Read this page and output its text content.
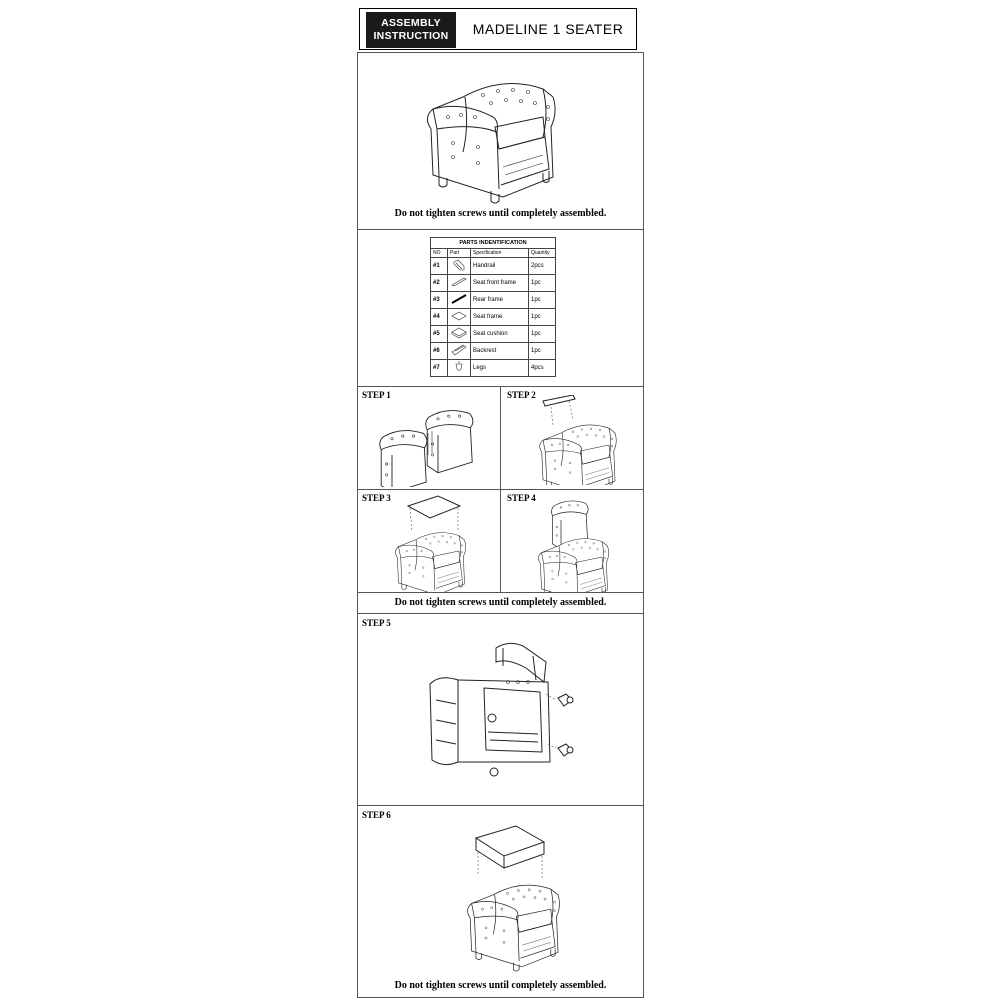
ASSEMBLY
INSTRUCTION	MADELINE 1 SEATER
Do not tighten screws until completely assembled.
PARTS INDENTIFICATION
NO	Part	Specification	Quantity
#1		Handrail	2pcs
#2		Seat front frame	1pc
#3		Rear frame	1pc
#4		Seat frame	1pc
#5		Seat cushion	1pc
#6		Backrest	1pc
#7		Legs	4pcs
STEP 1	STEP 2
STEP 3	STEP 4
Do not tighten screws until completely assembled.
STEP 5
STEP 6
Do not tighten screws until completely assembled.
